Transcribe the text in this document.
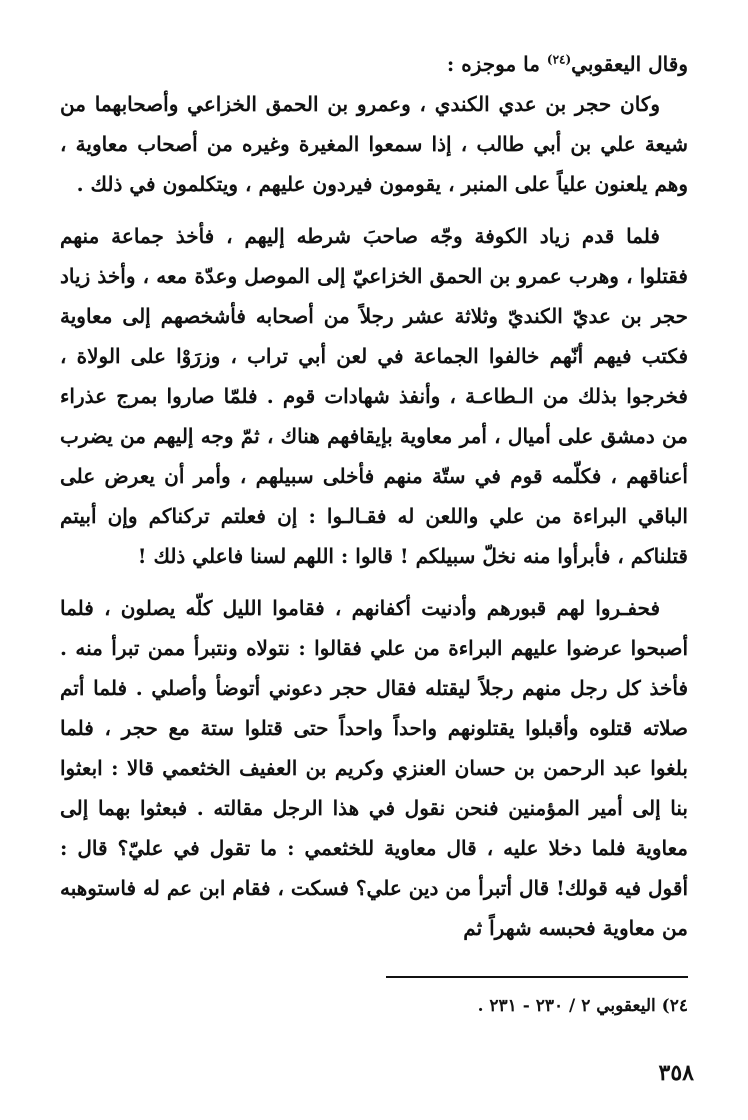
وقال اليعقوبي$^{(٢٤)}$ ما موجزه :

وكان حجر بن عدي الكندي ، وعمرو بن الحمق الخزاعي وأصحابهما من شيعة علي بن أبي طالب ، إذا سمعوا المغيرة وغيره من أصحاب معاوية ، وهم يلعنون علياً على المنبر ، يقومون فيردون عليهم ، ويتكلمون في ذلك .

فلما قدم زياد الكوفة وجّه صاحبَ شرطه إليهم ، فأخذ جماعة منهم فقتلوا ، وهرب عمرو بن الحمق الخزاعيّ إلى الموصل وعدّة معه ، وأخذ زياد حجر بن عديّ الكنديّ وثلاثة عشر رجلاً من أصحابه فأشخصهم إلى معاوية فكتب فيهم أنّهم خالفوا الجماعة في لعن أبي تراب ، وزرَوْا على الولاة ، فخرجوا بذلك من الـطاعـة ، وأنفذ شهادات قوم . فلمّا صاروا بمرج عذراء من دمشق على أميال ، أمر معاوية بإيقافهم هناك ، ثمّ وجه إليهم من يضرب أعناقهم ، فكلّمه قوم في ستّة منهم فأخلى سبيلهم ، وأمر أن يعرض على الباقي البراءة من علي واللعن له فقـالـوا : إن فعلتم تركناكم وإن أبيتم قتلناكم ، فأبرأوا منه نخلّ سبيلكم ! قالوا : اللهم لسنا فاعلي ذلك !

فحفـروا لهم قبورهم وأدنيت أكفانهم ، فقاموا الليل كلّه يصلون ، فلما أصبحوا عرضوا عليهم البراءة من علي فقالوا : نتولاه ونتبرأ ممن تبرأ منه . فأخذ كل رجل منهم رجلاً ليقتله فقال حجر دعوني أتوضأ وأصلي . فلما أتم صلاته قتلوه وأقبلوا يقتلونهم واحداً واحداً حتى قتلوا ستة مع حجر ، فلما بلغوا عبد الرحمن بن حسان العنزي وكريم بن العفيف الخثعمي قالا : ابعثوا بنا إلى أمير المؤمنين فنحن نقول في هذا الرجل مقالته . فبعثوا بهما إلى معاوية فلما دخلا عليه ، قال معاوية للخثعمي : ما تقول في عليّ؟ قال : أقول فيه قولك! قال أتبرأ من دين علي؟ فسكت ، فقام ابن عم له فاستوهبه من معاوية فحبسه شهراً ثم

٢٤) اليعقوبي ٢ / ٢٣٠ - ٢٣١ .
٣٥٨
